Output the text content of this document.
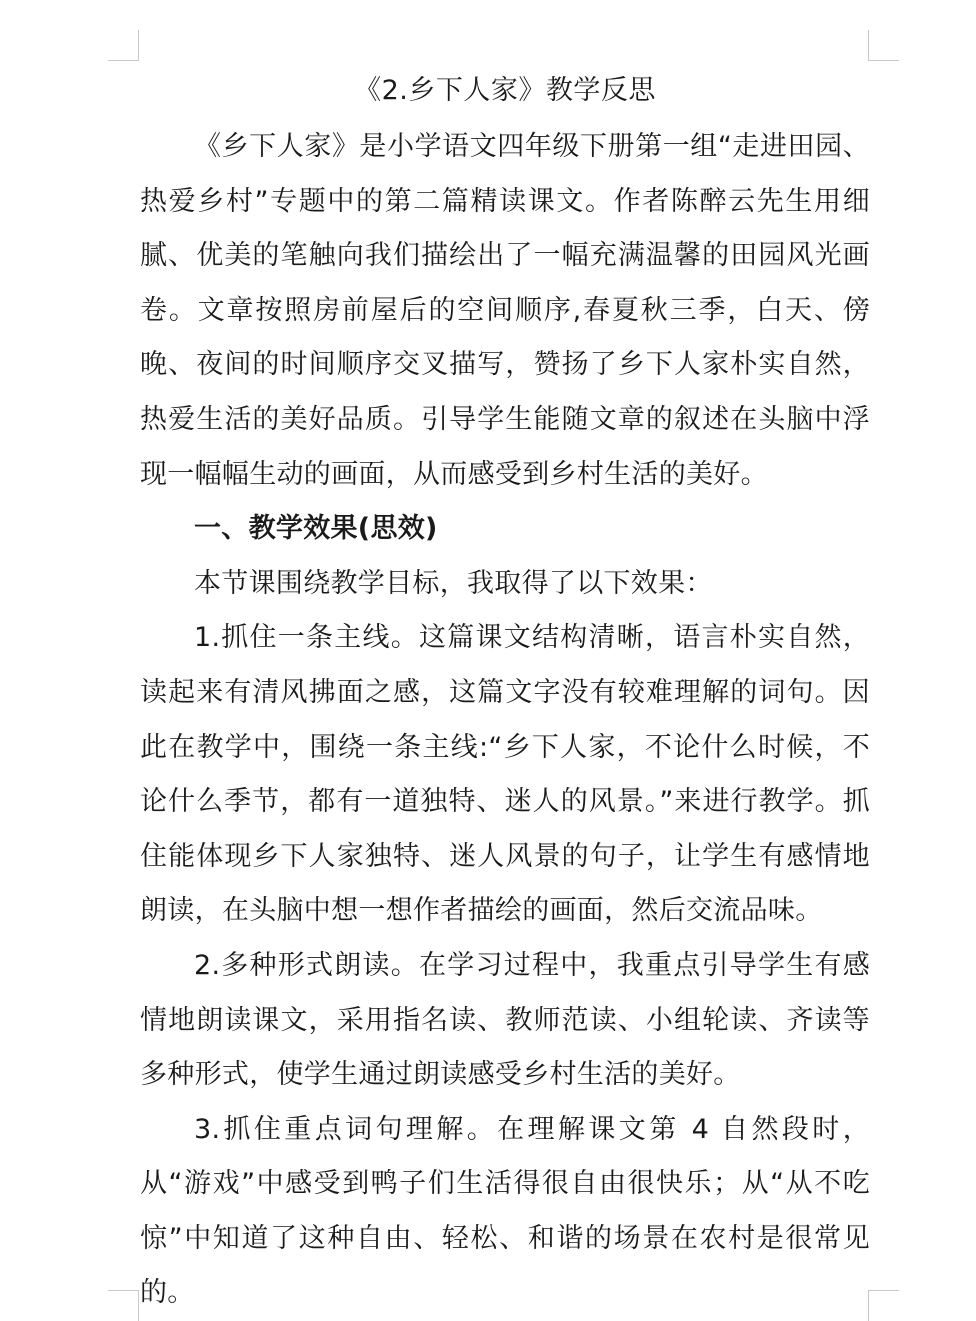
《2.乡下人家》教学反思

《乡下人家》是小学语文四年级下册第一组“走进田园、热爱乡村”专题中的第二篇精读课文。作者陈醉云先生用细腻、优美的笔触向我们描绘出了一幅充满温馨的田园风光画卷。文章按照房前屋后的空间顺序,春夏秋三季，白天、傍晚、夜间的时间顺序交叉描写，赞扬了乡下人家朴实自然，热爱生活的美好品质。引导学生能随文章的叙述在头脑中浮现一幅幅生动的画面，从而感受到乡村生活的美好。

一、教学效果(思效)

本节课围绕教学目标，我取得了以下效果：

1.抓住一条主线。这篇课文结构清晰，语言朴实自然，读起来有清风拂面之感，这篇文字没有较难理解的词句。因此在教学中，围绕一条主线:“乡下人家，不论什么时候，不论什么季节，都有一道独特、迷人的风景。”来进行教学。抓住能体现乡下人家独特、迷人风景的句子，让学生有感情地朗读，在头脑中想一想作者描绘的画面，然后交流品味。

2.多种形式朗读。在学习过程中，我重点引导学生有感情地朗读课文，采用指名读、教师范读、小组轮读、齐读等多种形式，使学生通过朗读感受乡村生活的美好。

3.抓住重点词句理解。在理解课文第 4 自然段时，从“游戏”中感受到鸭子们生活得很自由很快乐；从“从不吃惊”中知道了这种自由、轻松、和谐的场景在农村是很常见的。
